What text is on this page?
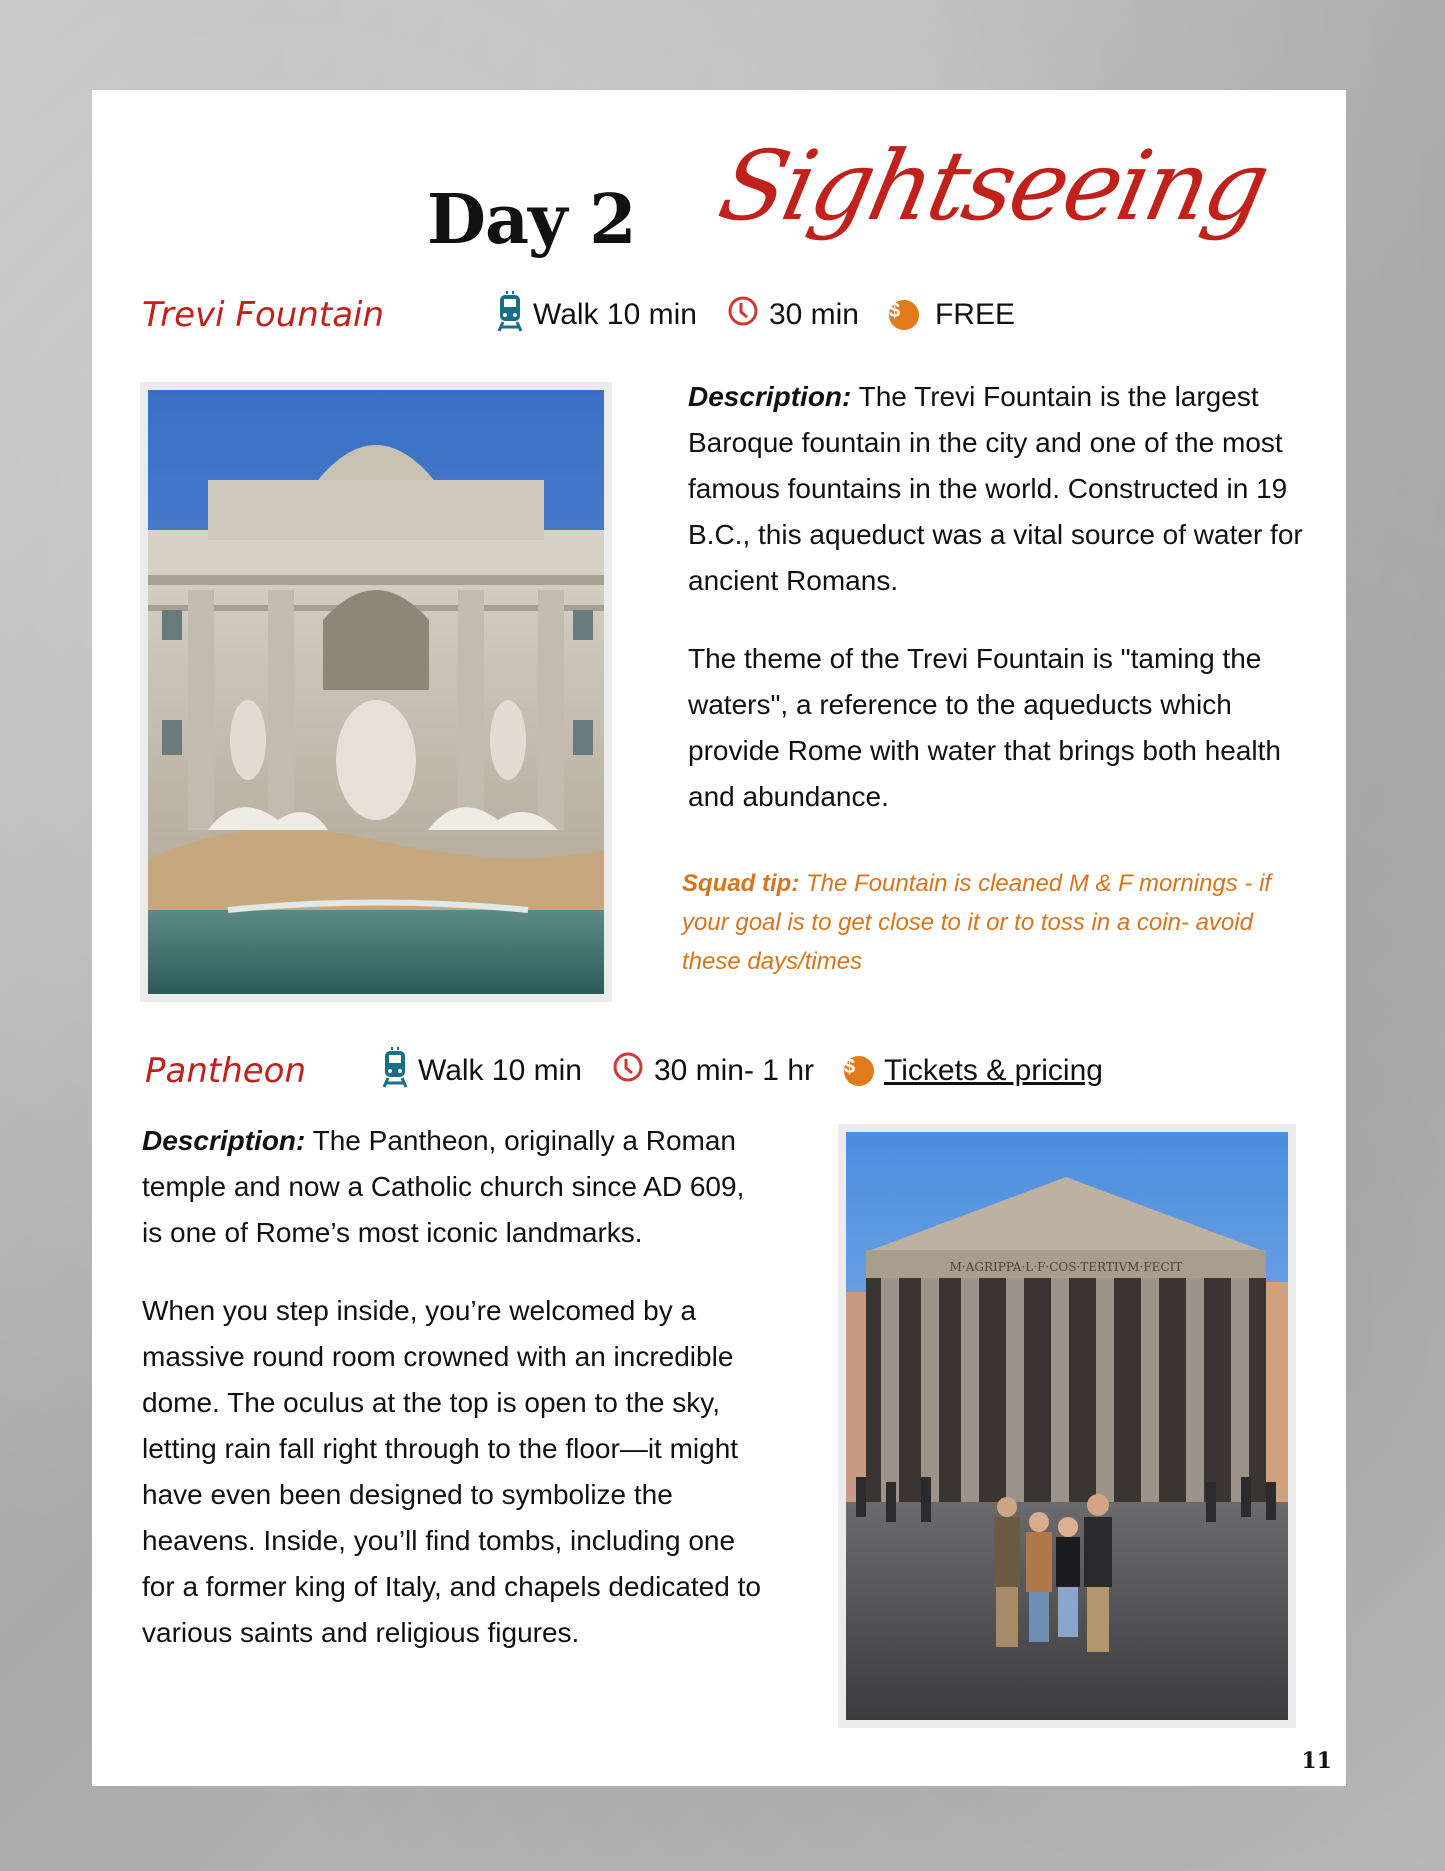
Day 2 Sightseeing
Trevi Fountain	Walk 10 min 30 min $	FREE

Description: The Trevi Fountain is the largest Baroque fountain in the city and one of the most famous fountains in the world. Constructed in 19 B.C., this aqueduct was a vital source of water for ancient Romans.

The theme of the Trevi Fountain is "taming the waters", a reference to the aqueducts which provide Rome with water that brings both health and abundance.

Squad tip: The Fountain is cleaned M & F mornings - if your goal is to get close to it or to toss in a coin- avoid these days/times
Pantheon	Walk 10 min 30 min- 1 hr $ Tickets & pricing

Description: The Pantheon, originally a Roman temple and now a Catholic church since AD 609, is one of Rome’s most iconic landmarks.

When you step inside, you’re welcomed by a massive round room crowned with an incredible dome. The oculus at the top is open to the sky, letting rain fall right through to the floor—it might have even been designed to symbolize the heavens. Inside, you’ll find tombs, including one for a former king of Italy, and chapels dedicated to various saints and religious figures.

M·AGRIPPA·L·F·COS·TERTIVM·FECIT
11
